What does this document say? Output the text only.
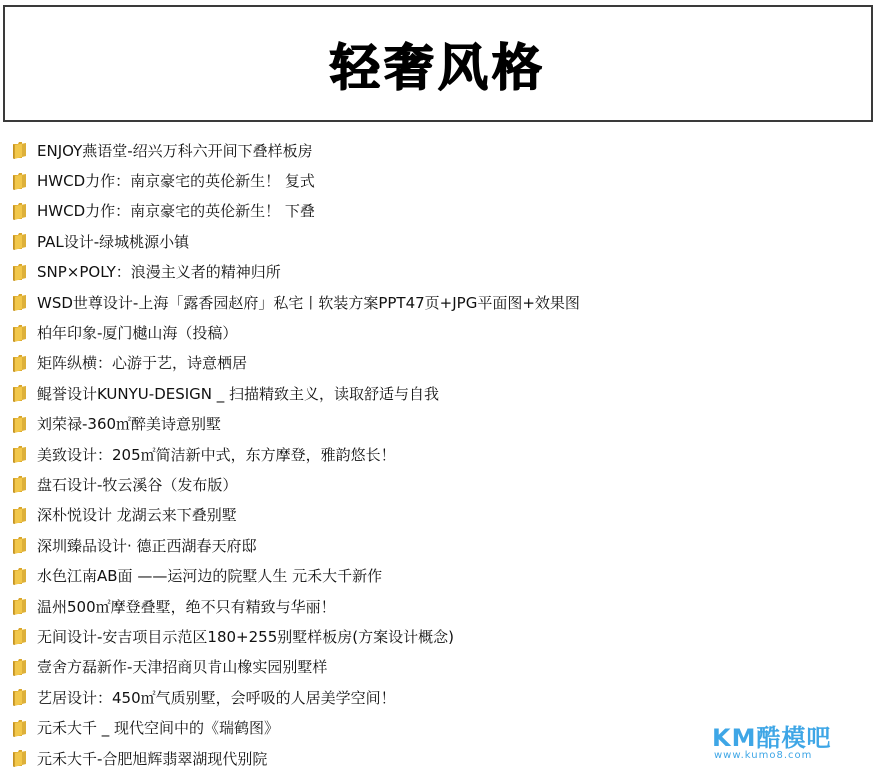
轻奢风格
ENJOY燕语堂-绍兴万科六开间下叠样板房
HWCD力作：南京豪宅的英伦新生！ 复式
HWCD力作：南京豪宅的英伦新生！ 下叠
PAL设计-绿城桃源小镇
SNP×POLY：浪漫主义者的精神归所
WSD世尊设计-上海「露香园赵府」私宅丨软装方案PPT47页+JPG平面图+效果图
柏年印象-厦门樾山海（投稿）
矩阵纵横：心游于艺，诗意栖居
鲲誉设计KUNYU-DESIGN _ 扫描精致主义，读取舒适与自我
刘荣禄-360㎡醉美诗意别墅
美致设计：205㎡简洁新中式，东方摩登，雅韵悠长！
盘石设计-牧云溪谷（发布版）
深朴悦设计 龙湖云来下叠别墅
深圳臻品设计· 德正西湖春天府邸
水色江南AB面 ——运河边的院墅人生 元禾大千新作
温州500㎡摩登叠墅，绝不只有精致与华丽！
无间设计-安吉项目示范区180+255别墅样板房(方案设计概念)
壹舍方磊新作-天津招商贝肯山橡实园别墅样
艺居设计：450㎡气质别墅，会呼吸的人居美学空间！
元禾大千 _ 现代空间中的《瑞鹤图》
元禾大千-合肥旭辉翡翠湖现代别院
KM酷模吧
www.kumo8.com
